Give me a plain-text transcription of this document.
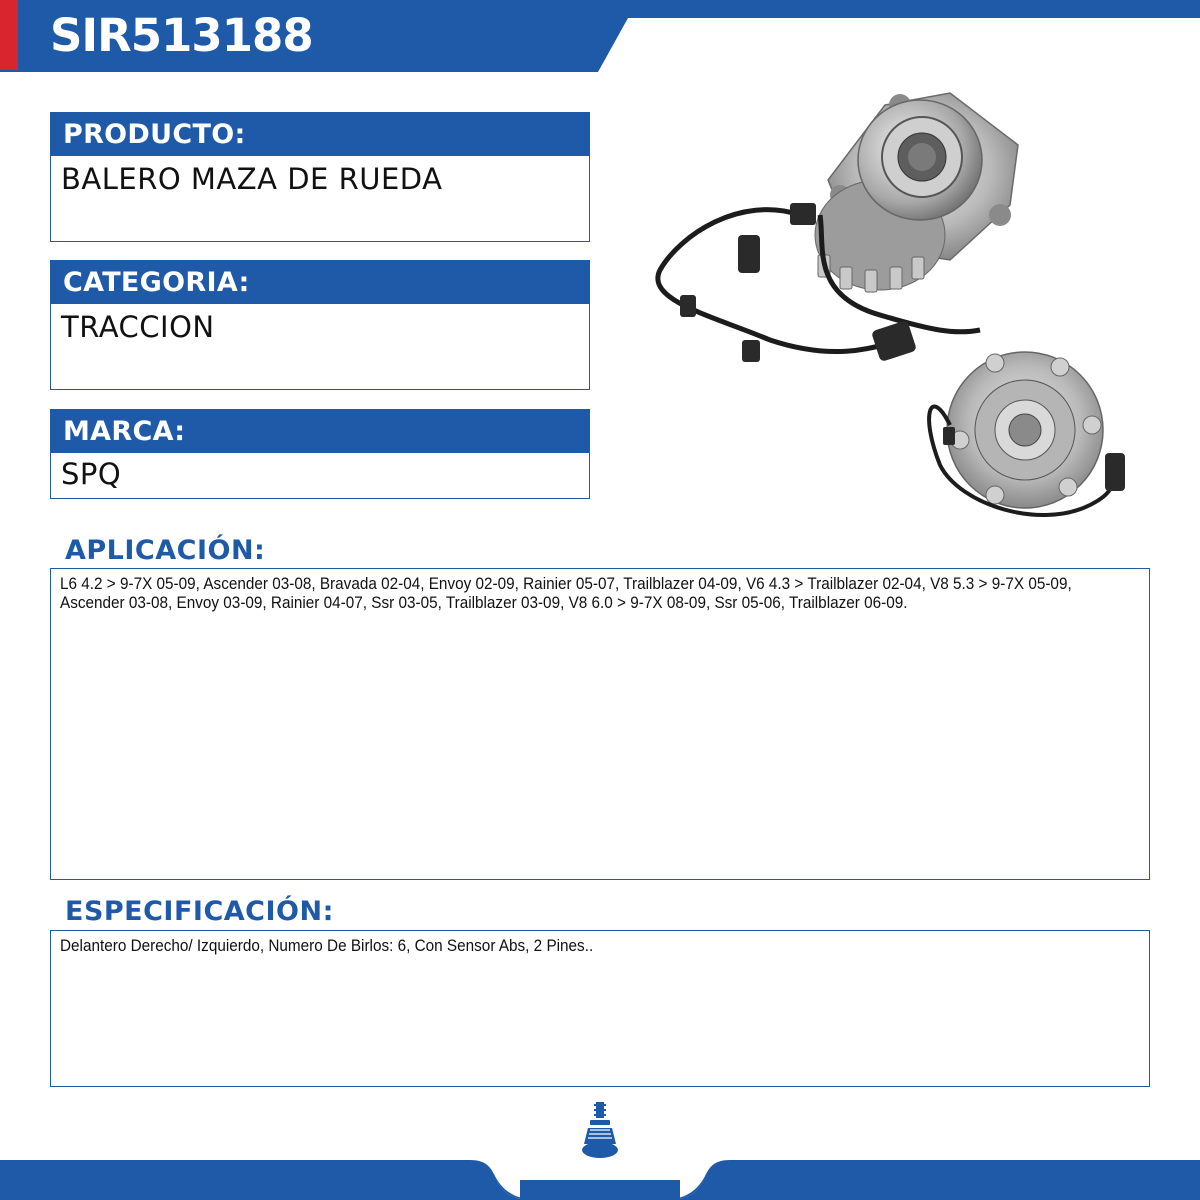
SIR513188
PRODUCTO:
BALERO MAZA DE RUEDA
CATEGORIA:
TRACCION
MARCA:
SPQ
APLICACIÓN:
L6 4.2 > 9-7X 05-09, Ascender 03-08, Bravada 02-04, Envoy 02-09, Rainier 05-07, Trailblazer 04-09, V6 4.3 > Trailblazer 02-04, V8 5.3 > 9-7X 05-09, Ascender 03-08, Envoy 03-09, Rainier 04-07, Ssr 03-05, Trailblazer 03-09, V8 6.0 > 9-7X 08-09, Ssr 05-06, Trailblazer 06-09.
ESPECIFICACIÓN:
Delantero Derecho/ Izquierdo, Numero De Birlos: 6, Con Sensor Abs, 2 Pines..
TRACCIÓN
